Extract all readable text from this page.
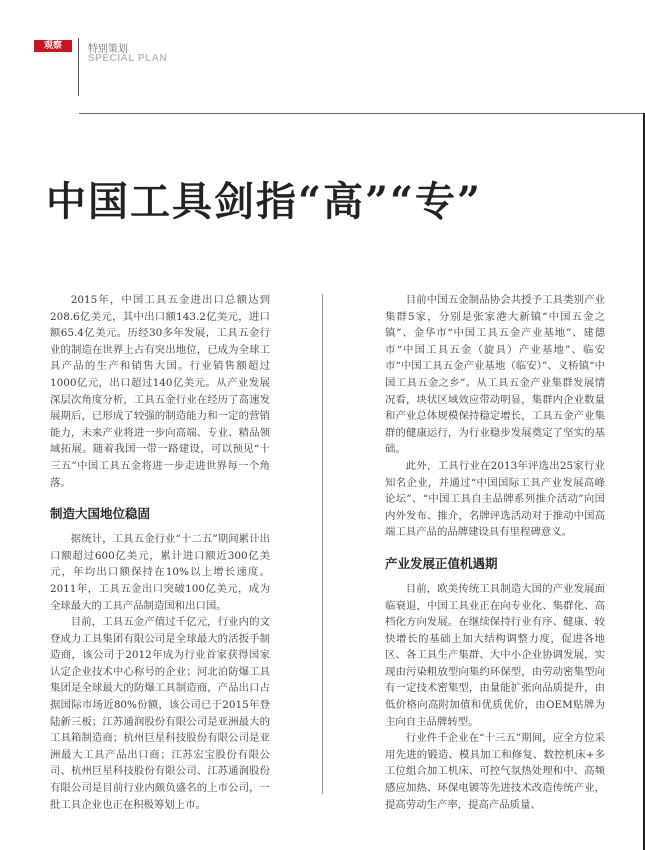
观察	特别策划
SPECIAL PLAN
中国工具剑指“高”“专”

2015年，中国工具五金进出口总额达到208.6亿美元，其中出口额143.2亿美元，进口额65.4亿美元。历经30多年发展，工具五金行业的制造在世界上占有突出地位，已成为全球工具产品的生产和销售大国。行业销售额超过1000亿元，出口超过140亿美元。从产业发展深层次角度分析，工具五金行业在经历了高速发展期后，已形成了较强的制造能力和一定的营销能力，未来产业将进一步向高端、专业、精品领域拓展。随着我国一带一路建设，可以预见“十三五”中国工具五金将进一步走进世界每一个角落。

制造大国地位稳固

据统计，工具五金行业“十二五”期间累计出口额超过600亿美元，累计进口额近300亿美元，年均出口额保持在10%以上增长速度。2011年，工具五金出口突破100亿美元，成为全球最大的工具产品制造国和出口国。

目前，工具五金产值过千亿元，行业内的文登成力工具集团有限公司是全球最大的活扳手制造商，该公司于2012年成为行业首家获得国家认定企业技术中心称号的企业；河北泊防爆工具集团是全球最大的防爆工具制造商，产品出口占据国际市场近80%份额，该公司已于2015年登陆新三板；江苏通润股份有限公司是亚洲最大的工具箱制造商；杭州巨星科技股份有限公司是亚洲最大工具产品出口商；江苏宏宝股份有限公司、杭州巨星科技股份有限公司、江苏通润股份有限公司是目前行业内颇负盛名的上市公司，一批工具企业也正在积极筹划上市。

目前中国五金制品协会共授予工具类别产业集群5家，分别是张家港大新镇“中国五金之镇”、金华市“中国工具五金产业基地”、建德市“中国工具五金（旋具）产业基地”、临安市“中国工具五金产业基地（临安）”、义桥镇“中国工具五金之乡”。从工具五金产业集群发展情况看，块状区域效应带动明显，集群内企业数量和产业总体规模保持稳定增长，工具五金产业集群的健康运行，为行业稳步发展奠定了坚实的基础。

此外，工具行业在2013年评选出25家行业知名企业，并通过“中国国际工具产业发展高峰论坛”、“中国工具自主品牌系列推介活动”向国内外发布、推介，名牌评选活动对于推动中国高端工具产品的品牌建设具有里程碑意义。

产业发展正值机遇期

目前，欧美传统工具制造大国的产业发展面临衰退，中国工具业正在向专业化、集群化、高档化方向发展。在继续保持行业有序、健康、较快增长的基础上加大结构调整力度，促进各地区、各工具生产集群、大中小企业协调发展，实现由污染粗放型向集约环保型，由劳动密集型向有一定技术密集型，由量能扩张向品质提升，由低价格向高附加值和优质优价，由OEM贴牌为主向自主品牌转型。

行业件千企业在“十三五”期间，应全方位采用先进的锻造、模具加工和修复、数控机床+多工位组合加工机床、可控气氛热处理和中、高频感应加热、环保电镀等先进技术改造传统产业，提高劳动生产率，提高产品质量、
